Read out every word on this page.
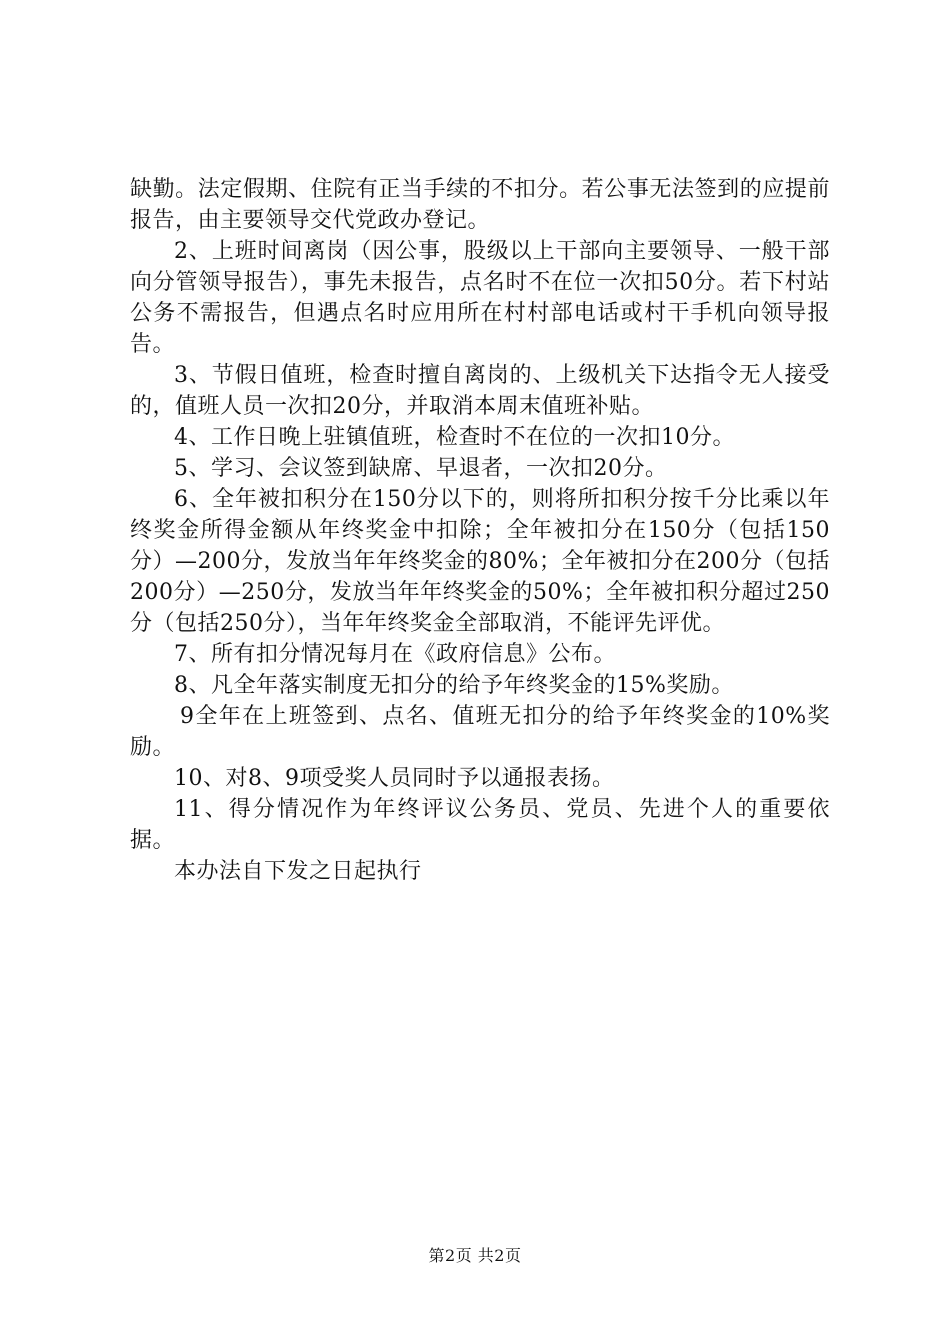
缺勤。法定假期、住院有正当手续的不扣分。若公事无法签到的应提前报告，由主要领导交代党政办登记。

2、上班时间离岗（因公事，股级以上干部向主要领导、一般干部向分管领导报告），事先未报告，点名时不在位一次扣50分。若下村站公务不需报告，但遇点名时应用所在村村部电话或村干手机向领导报告。

3、节假日值班，检查时擅自离岗的、上级机关下达指令无人接受的，值班人员一次扣20分，并取消本周末值班补贴。

4、工作日晚上驻镇值班，检查时不在位的一次扣10分。

5、学习、会议签到缺席、早退者，一次扣20分。

6、全年被扣积分在150分以下的，则将所扣积分按千分比乘以年终奖金所得金额从年终奖金中扣除；全年被扣分在150分（包括150分）—200分，发放当年年终奖金的80%；全年被扣分在200分（包括200分）—250分，发放当年年终奖金的50%；全年被扣积分超过250分（包括250分），当年年终奖金全部取消，不能评先评优。

7、所有扣分情况每月在《政府信息》公布。

8、凡全年落实制度无扣分的给予年终奖金的15%奖励。

9全年在上班签到、点名、值班无扣分的给予年终奖金的10%奖励。

10、对8、9项受奖人员同时予以通报表扬。

11、得分情况作为年终评议公务员、党员、先进个人的重要依据。

本办法自下发之日起执行

第2页 共2页
